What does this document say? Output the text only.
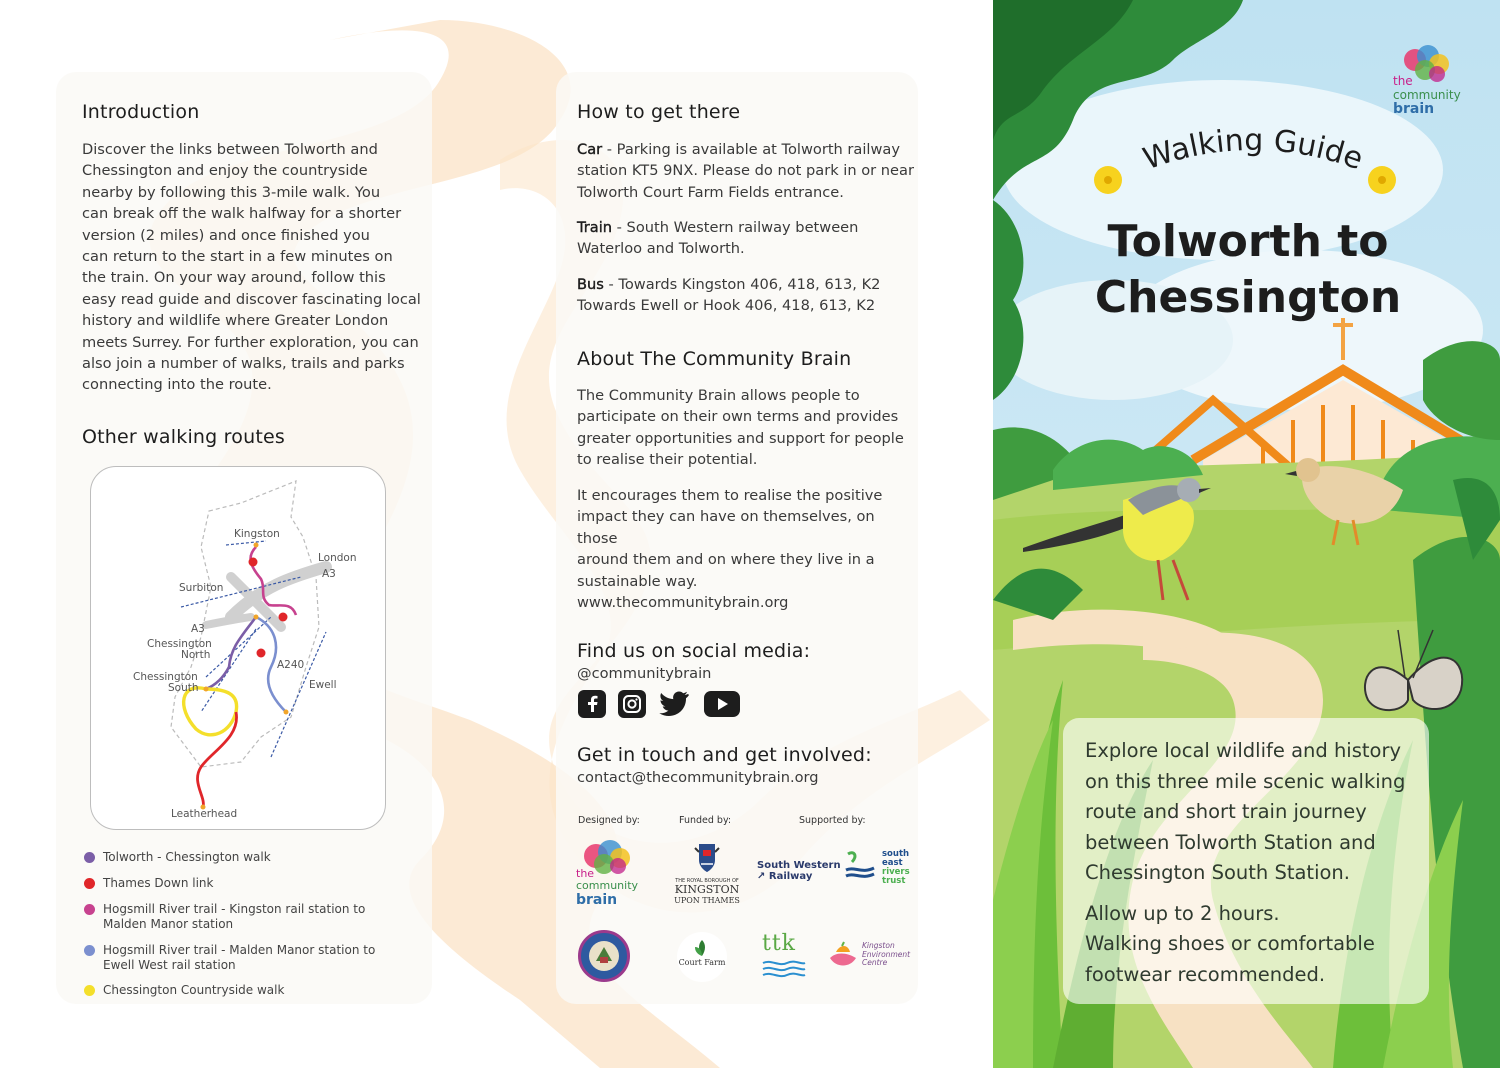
Introduction

Discover the links between Tolworth and

Chessington and enjoy the countryside

nearby by following this 3-mile walk. You

can break off the walk halfway for a shorter

version (2 miles) and once finished you

can return to the start in a few minutes on

the train. On your way around, follow this

easy read guide and discover fascinating local

history and wildlife where Greater London

meets Surrey. For further exploration, you can

also join a number of walks, trails and parks

connecting into the route.

Other walking routes
Kingston
London
A3
Surbiton
A3
Chessington
North
A240
Chessington
South	Ewell
Leatherhead
Tolworth - Chessington walk
Thames Down link
Hogsmill River trail - Kingston rail station to
Malden Manor station
Hogsmill River trail - Malden Manor station to
Ewell West rail station
Chessington Countryside walk
How to get there

Car - Parking is available at Tolworth railway

station KT5 9NX. Please do not park in or near

Tolworth Court Farm Fields entrance.

Train - South Western railway between

Waterloo and Tolworth.

Bus - Towards Kingston 406, 418, 613, K2

Towards Ewell or Hook 406, 418, 613, K2

About The Community Brain

The Community Brain allows people to

participate on their own terms and provides

greater opportunities and support for people

to realise their potential.

It encourages them to realise the positive

impact they can have on themselves, on those

around them and on where they live in a

sustainable way.

www.thecommunitybrain.org

Find us on social media:

@communitybrain

Get in touch and get involved:

contact@thecommunitybrain.org

Designed by:	Funded by:	Supported by:
the
community
brain
THE ROYAL BOROUGH OF
KINGSTON
UPON THAMES
South Western
↗ Railway
south
east
rivers
trust
Court Farm
ttk	Kingston
Environment
Centre
the
community
brain
Walking Guide
Tolworth to
Chessington

Explore local wildlife and history

on this three mile scenic walking

route and short train journey

between Tolworth Station and

Chessington South Station.

Allow up to 2 hours.

Walking shoes or comfortable

footwear recommended.
